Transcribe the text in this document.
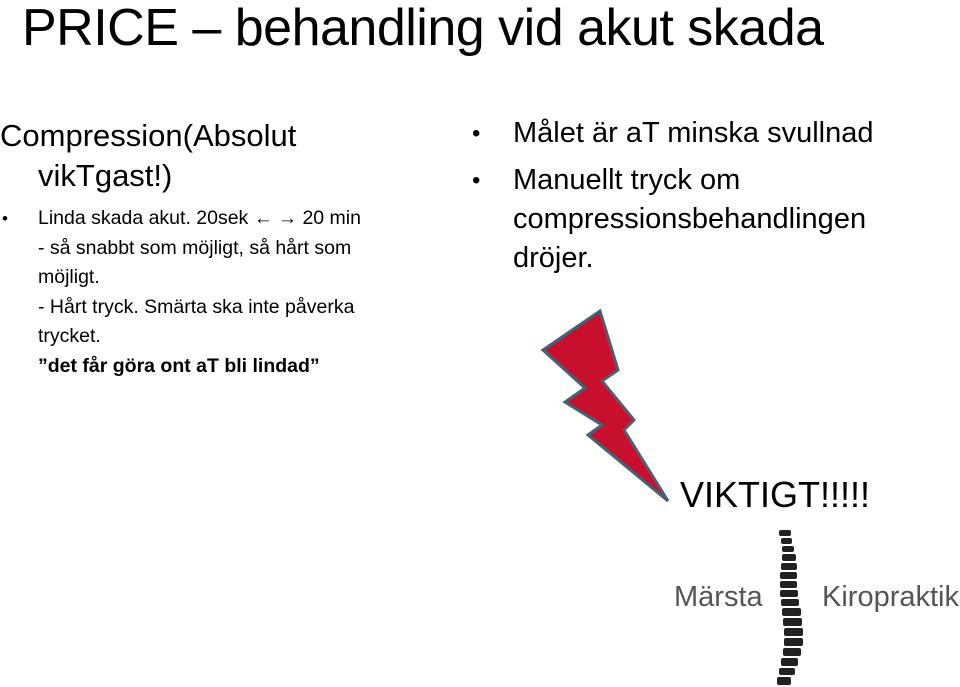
PRICE – behandling vid akut skada
Compression(Absolut
vikTgast!)
• Linda skada akut. 20sek ← → 20 min
- så snabbt som möjligt, så hårt som
möjligt.
- Hårt tryck. Smärta ska inte påverka
trycket.
”det får göra ont aT bli lindad”
• Målet är aT minska svullnad
• Manuellt tryck om compressionsbehandlingen dröjer.
VIKTIGT!!!!!
Märsta Kiropraktik
